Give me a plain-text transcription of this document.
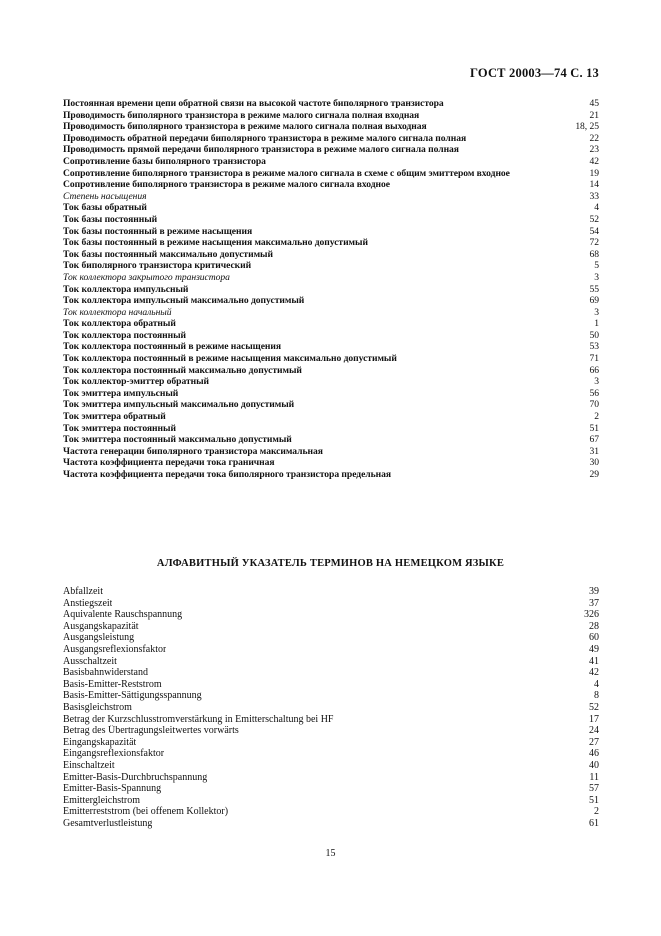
ГОСТ 20003—74 С. 13
Постоянная времени цепи обратной связи на высокой частоте биполярного транзистора	45
Проводимость биполярного транзистора в режиме малого сигнала полная входная	21
Проводимость биполярного транзистора в режиме малого сигнала полная выходная	18, 25
Проводимость обратной передачи биполярного транзистора в режиме малого сигнала полная	22
Проводимость прямой передачи биполярного транзистора в режиме малого сигнала полная	23
Сопротивление базы биполярного транзистора	42
Сопротивление биполярного транзистора в режиме малого сигнала в схеме с общим эмиттером входное	19
Сопротивление биполярного транзистора в режиме малого сигнала входное	14
Степень насыщения	33
Ток базы обратный	4
Ток базы постоянный	52
Ток базы постоянный в режиме насыщения	54
Ток базы постоянный в режиме насыщения максимально допустимый	72
Ток базы постоянный максимально допустимый	68
Ток биполярного транзистора критический	5
Ток коллектора закрытого транзистора	3
Ток коллектора импульсный	55
Ток коллектора импульсный максимально допустимый	69
Ток коллектора начальный	3
Ток коллектора обратный	1
Ток коллектора постоянный	50
Ток коллектора постоянный в режиме насыщения	53
Ток коллектора постоянный в режиме насыщения максимально допустимый	71
Ток коллектора постоянный максимально допустимый	66
Ток коллектор-эмиттер обратный	3
Ток эмиттера импульсный	56
Ток эмиттера импульсный максимально допустимый	70
Ток эмиттера обратный	2
Ток эмиттера постоянный	51
Ток эмиттера постоянный максимально допустимый	67
Частота генерации биполярного транзистора максимальная	31
Частота коэффициента передачи тока граничная	30
Частота коэффициента передачи тока биполярного транзистора предельная	29
АЛФАВИТНЫЙ УКАЗАТЕЛЬ ТЕРМИНОВ НА НЕМЕЦКОМ ЯЗЫКЕ
Abfallzeit	39
Anstiegszeit	37
Aquivalente Rauschspannung	326
Ausgangskapazität	28
Ausgangsleistung	60
Ausgangsreflexionsfaktor	49
Ausschaltzeit	41
Basisbahnwiderstand	42
Basis-Emitter-Reststrom	4
Basis-Emitter-Sättigungsspannung	8
Basisgleichstrom	52
Betrag der Kurzschlusstromverstärkung in Emitterschaltung bei HF	17
Betrag des Übertragungsleitwertes vorwärts	24
Eingangskapazität	27
Eingangsreflexionsfaktor	46
Einschaltzeit	40
Emitter-Basis-Durchbruchspannung	11
Emitter-Basis-Spannung	57
Emittergleichstrom	51
Emitterreststrom (bei offenem Kollektor)	2
Gesamtverlustleistung	61
15
